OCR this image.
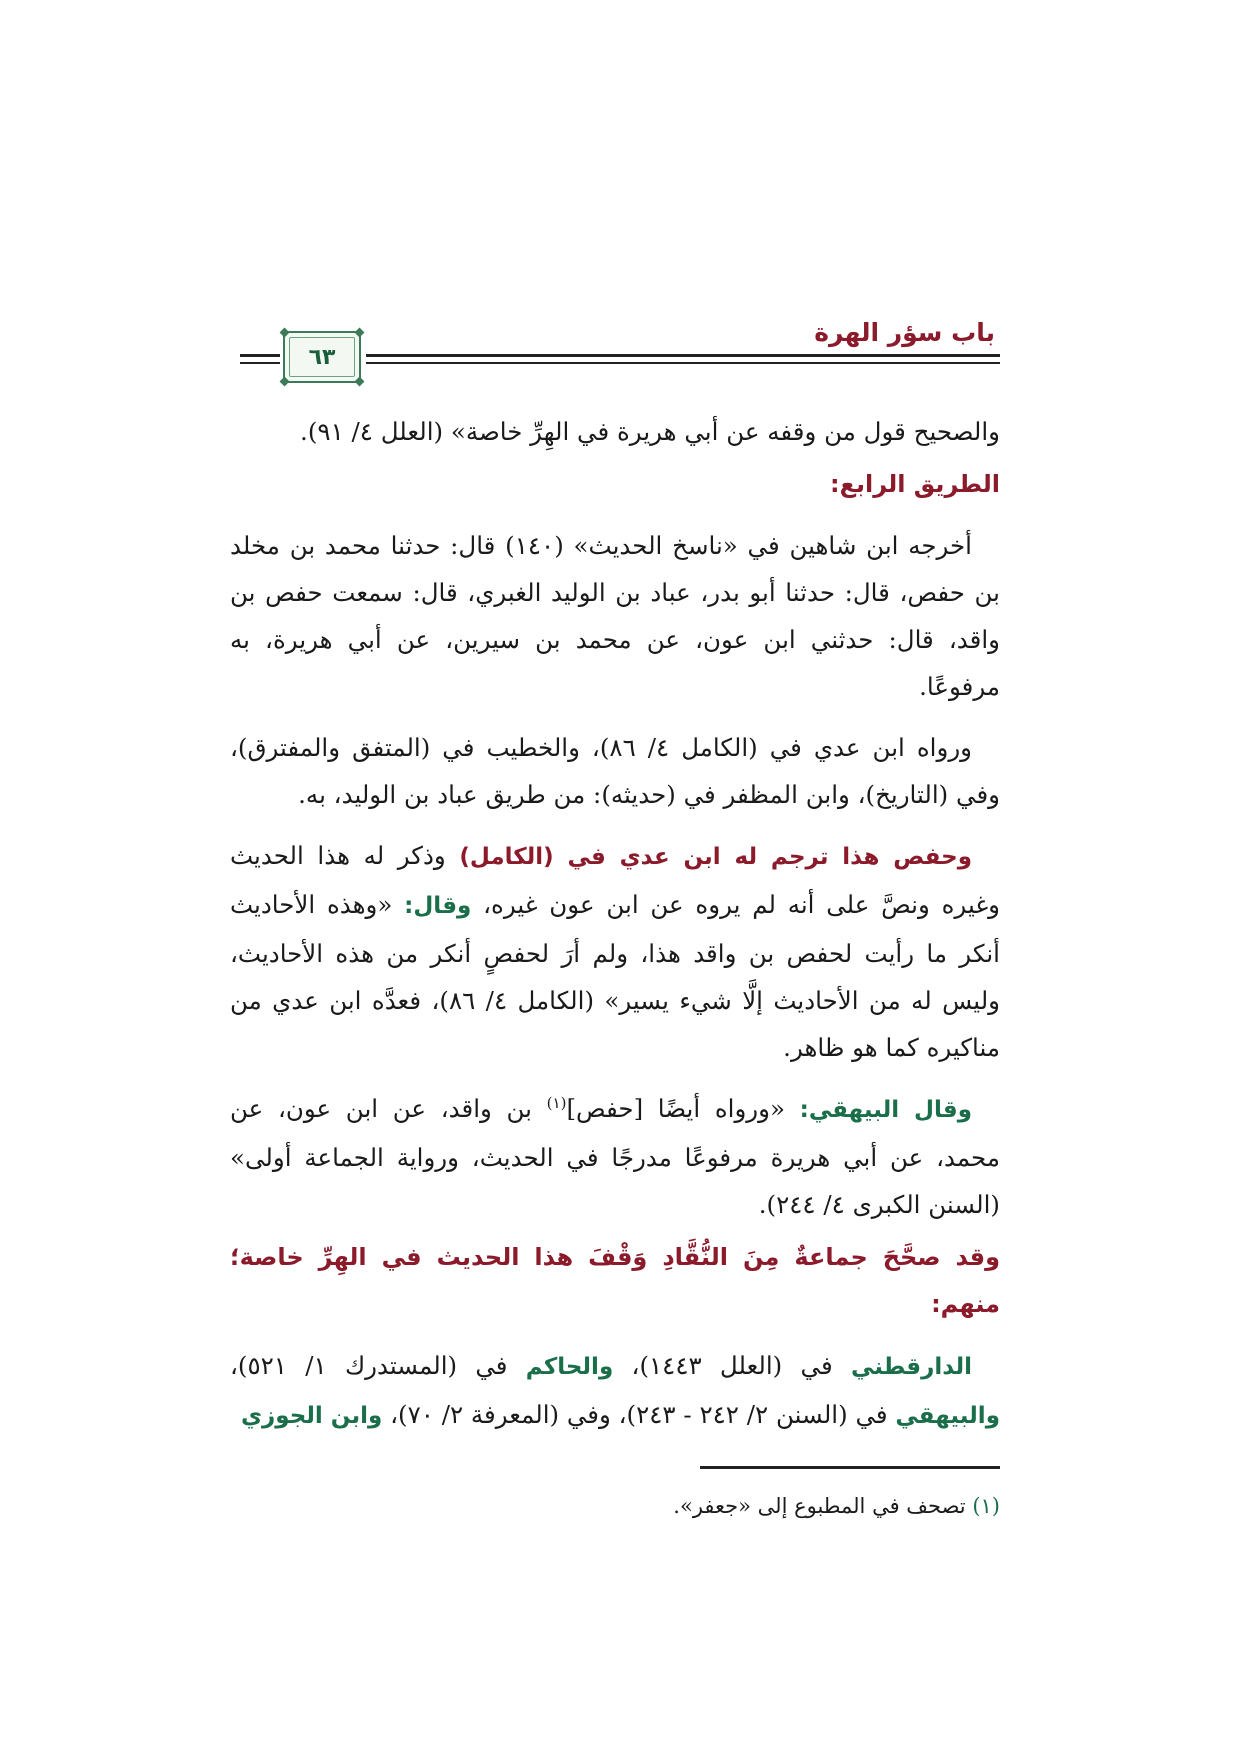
باب سؤر الهرة
٦٣

والصحيح قول من وقفه عن أبي هريرة في الهِرِّ خاصة» (العلل ٤/ ٩١).

الطريق الرابع:

أخرجه ابن شاهين في «ناسخ الحديث» (١٤٠) قال: حدثنا محمد بن مخلد بن حفص، قال: حدثنا أبو بدر، عباد بن الوليد الغبري، قال: سمعت حفص بن واقد، قال: حدثني ابن عون، عن محمد بن سيرين، عن أبي هريرة، به مرفوعًا.

ورواه ابن عدي في (الكامل ٤/ ٨٦)، والخطيب في (المتفق والمفترق)، وفي (التاريخ)، وابن المظفر في (حديثه): من طريق عباد بن الوليد، به.

وحفص هذا ترجم له ابن عدي في (الكامل) وذكر له هذا الحديث وغيره ونصَّ على أنه لم يروه عن ابن عون غيره، وقال: «وهذه الأحاديث أنكر ما رأيت لحفص بن واقد هذا، ولم أرَ لحفصٍ أنكر من هذه الأحاديث، وليس له من الأحاديث إلَّا شيء يسير» (الكامل ٤/ ٨٦)، فعدَّه ابن عدي من مناكيره كما هو ظاهر.

وقال البيهقي: «ورواه أيضًا [حفص]$^{(١)}$ بن واقد، عن ابن عون، عن محمد، عن أبي هريرة مرفوعًا مدرجًا في الحديث، ورواية الجماعة أولى» (السنن الكبرى ٤/ ٢٤٤).

وقد صحَّحَ جماعةٌ مِنَ النُّقَّادِ وَقْفَ هذا الحديث في الهِرِّ خاصة؛ منهم:

الدارقطني في (العلل ١٤٤٣)، والحاكم في (المستدرك ١/ ٥٢١)، والبيهقي في (السنن ٢/ ٢٤٢ - ٢٤٣)، وفي (المعرفة ٢/ ٧٠)، وابن الجوزي

(١) تصحف في المطبوع إلى «جعفر».
